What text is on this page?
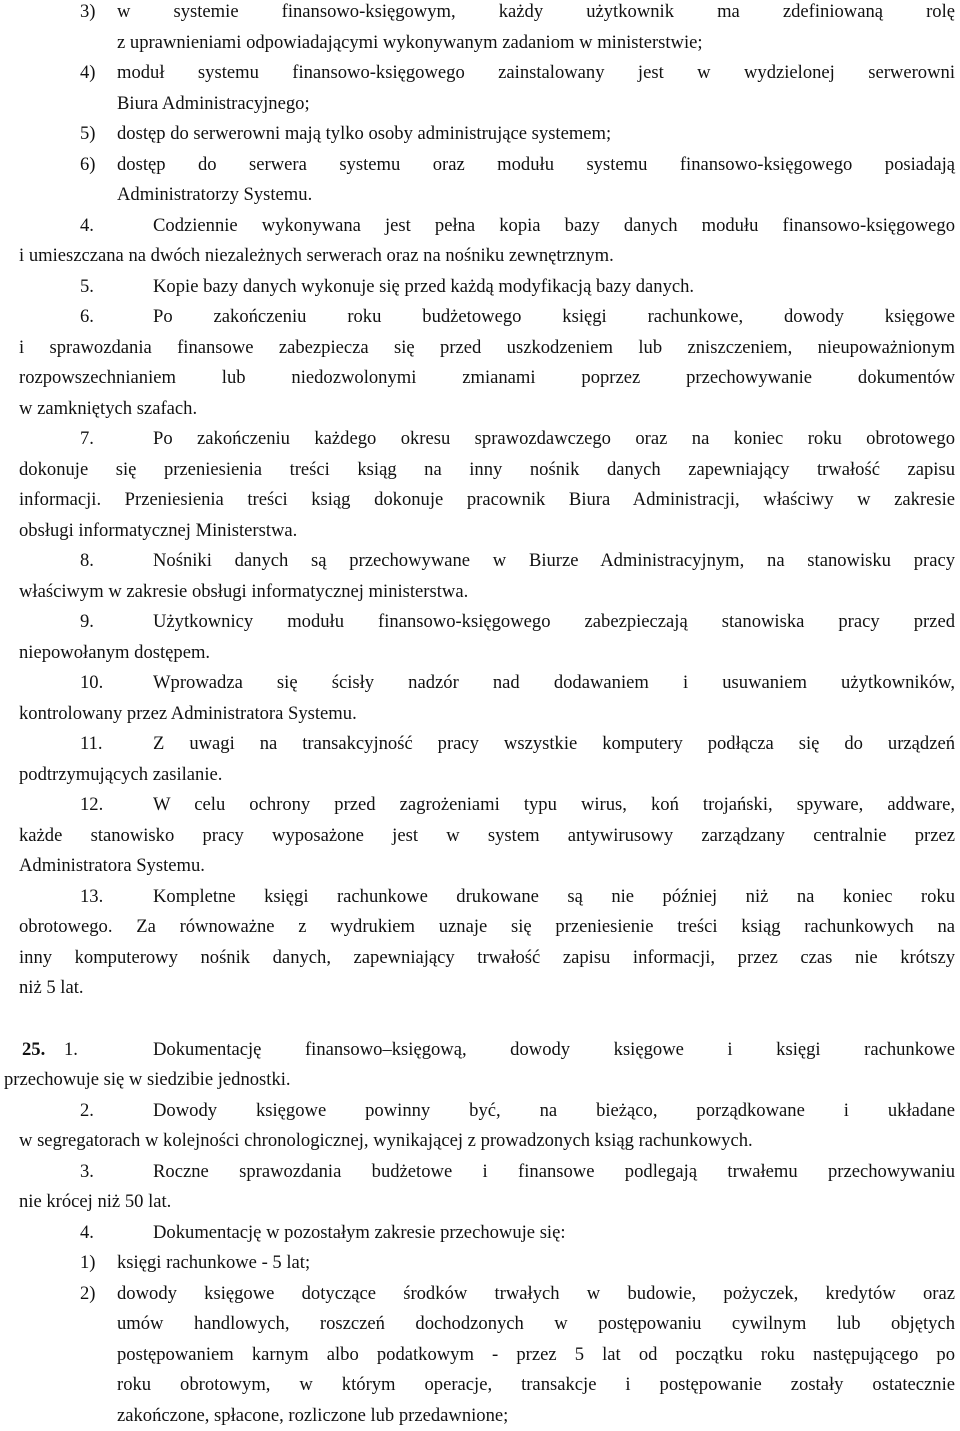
3) w systemie finansowo-księgowym, każdy użytkownik ma zdefiniowaną rolę
z uprawnieniami odpowiadającymi wykonywanym zadaniom w ministerstwie;
4) moduł systemu finansowo-księgowego zainstalowany jest w wydzielonej serwerowni
Biura Administracyjnego;
5) dostęp do serwerowni mają tylko osoby administrujące systemem;
6) dostęp do serwera systemu oraz modułu systemu finansowo-księgowego posiadają
Administratorzy Systemu.
4.	Codziennie wykonywana jest pełna kopia bazy danych modułu finansowo-księgowego
i umieszczana na dwóch niezależnych serwerach oraz na nośniku zewnętrznym.
5.	Kopie bazy danych wykonuje się przed każdą modyfikacją bazy danych.
6.	Po zakończeniu roku budżetowego księgi rachunkowe, dowody księgowe
i sprawozdania finansowe zabezpiecza się przed uszkodzeniem lub zniszczeniem, nieupoważnionym
rozpowszechnianiem lub niedozwolonymi zmianami poprzez przechowywanie dokumentów
w zamkniętych szafach.
7.	Po zakończeniu każdego okresu sprawozdawczego oraz na koniec roku obrotowego
dokonuje się przeniesienia treści ksiąg na inny nośnik danych zapewniający trwałość zapisu
informacji. Przeniesienia treści ksiąg dokonuje pracownik Biura Administracji, właściwy w zakresie
obsługi informatycznej Ministerstwa.
8.	Nośniki danych są przechowywane w Biurze Administracyjnym, na stanowisku pracy
właściwym w zakresie obsługi informatycznej ministerstwa.
9.	Użytkownicy modułu finansowo-księgowego zabezpieczają stanowiska pracy przed
niepowołanym dostępem.
10.	Wprowadza się ścisły nadzór nad dodawaniem i usuwaniem użytkowników,
kontrolowany przez Administratora Systemu.
11.	Z uwagi na transakcyjność pracy wszystkie komputery podłącza się do urządzeń
podtrzymujących zasilanie.
12.	W celu ochrony przed zagrożeniami typu wirus, koń trojański, spyware, addware,
każde stanowisko pracy wyposażone jest w system antywirusowy zarządzany centralnie przez
Administratora Systemu.
13.	Kompletne księgi rachunkowe drukowane są nie później niż na koniec roku
obrotowego. Za równoważne z wydrukiem uznaje się przeniesienie treści ksiąg rachunkowych na
inny komputerowy nośnik danych, zapewniający trwałość zapisu informacji, przez czas nie krótszy
niż 5 lat.
25. 1.	Dokumentację finansowo–księgową, dowody księgowe i księgi rachunkowe
przechowuje się w siedzibie jednostki.
2.	Dowody księgowe powinny być, na bieżąco, porządkowane i układane
w segregatorach w kolejności chronologicznej, wynikającej z prowadzonych ksiąg rachunkowych.
3.	Roczne sprawozdania budżetowe i finansowe podlegają trwałemu przechowywaniu
nie krócej niż 50 lat.
4.	Dokumentację w pozostałym zakresie przechowuje się:
1) księgi rachunkowe - 5 lat;
2) dowody księgowe dotyczące środków trwałych w budowie, pożyczek, kredytów oraz
umów handlowych, roszczeń dochodzonych w postępowaniu cywilnym lub objętych
postępowaniem karnym albo podatkowym - przez 5 lat od początku roku następującego po
roku obrotowym, w którym operacje, transakcje i postępowanie zostały ostatecznie
zakończone, spłacone, rozliczone lub przedawnione;
